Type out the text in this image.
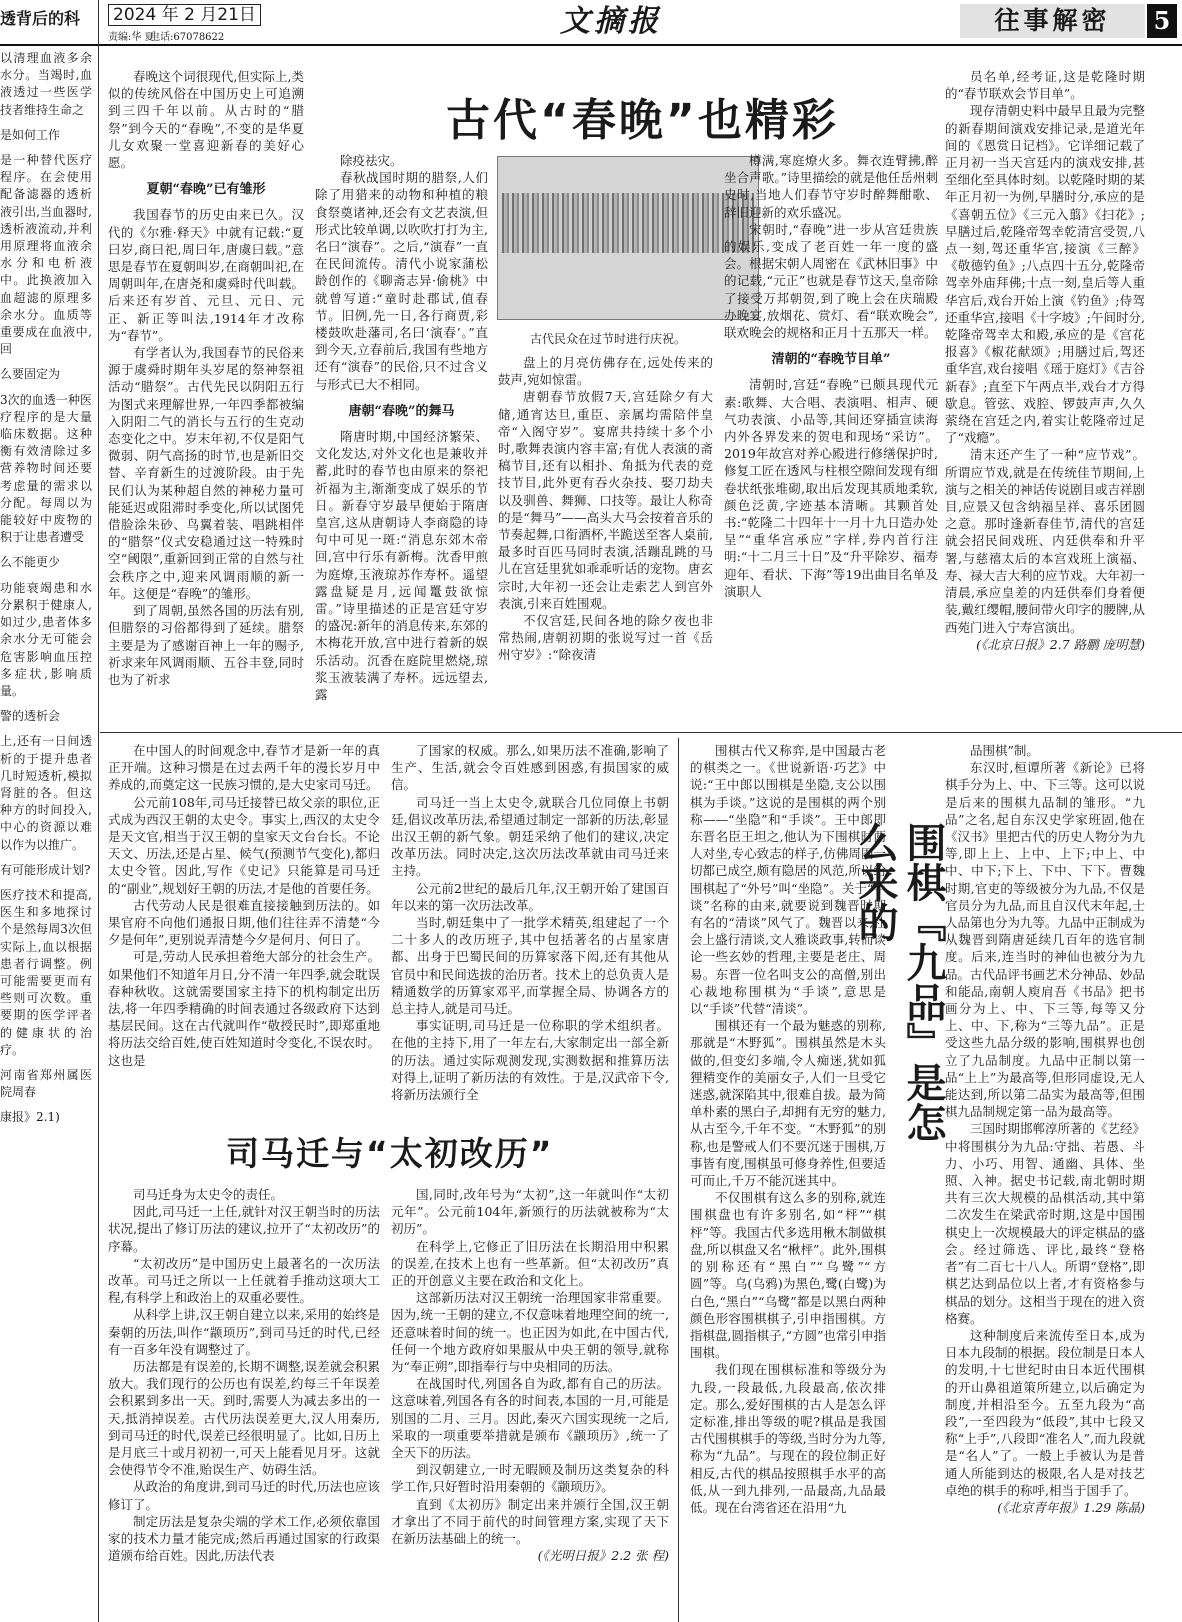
2024 年 2 月21日
责编:华 夏
电话:67078622	文摘报	往事解密	5
透背后的科

以清理血液多余水分。当竭时,血液透过一些医学技者维持生命之

是如何工作

是一种替代医疗程序。在会使用配备滤器的透析液引出,当血器时,透析液流动,并利用原理将血液余水分和电析液中。此换液加入血超滤的原理多余水分。血质等重要成在血液中,回

么要固定为

3次的血透一种医疗程序的是大量临床数据。这种衡有效清除过多营养物时间还要考虑量的需求以分配。每周以为能较好中废物的积于让患者遭受

么不能更少

功能衰竭患和水分累积于健康人,如过少,患者体多余水分无可能会危害影响血压控多症状,影响质量。

警的透析会

上,还有一日间透析的于提升患者几时短透析,模拟肾脏的各。但这种方的时间投入,中心的资源以难以作为以推广。

有可能形成计划?

医疗技术和提高,医生和多地探讨个是然每周3次但实际上,血以根据患者行调整。例可能需要更而有些则可次数。重要期的医学评者的健康状的治疗。

河南省郑州属医院周春

康报》2.1)

古代“春晚”也精彩
古代民众在过节时进行庆祝。

春晚这个词很现代,但实际上,类似的传统风俗在中国历史上可追溯到三四千年以前。从古时的“腊祭”到今天的“春晚”,不变的是华夏儿女欢聚一堂喜迎新春的美好心愿。

夏朝“春晚”已有雏形

我国春节的历史由来已久。汉代的《尔雅·释天》中就有记载:“夏曰岁,商曰祀,周曰年,唐虞曰载。”意思是春节在夏朝叫岁,在商朝叫祀,在周朝叫年,在唐尧和虞舜时代叫载。后来还有岁首、元旦、元日、元正、新正等叫法,1914年才改称为“春节”。

有学者认为,我国春节的民俗来源于虞舜时期年头岁尾的祭神祭祖活动“腊祭”。古代先民以阴阳五行为图式来理解世界,一年四季都被编入阴阳二气的消长与五行的生克动态变化之中。岁末年初,不仅是阳气微弱、阴气高扬的时节,也是新旧交替、辛育新生的过渡阶段。由于先民们认为某种超自然的神秘力量可能延迟或阻滞时季变化,所以试图凭借脸涂朱砂、鸟翼着装、唱跳相伴的“腊祭”仪式安稳通过这一特殊时空“阈限”,重新回到正常的自然与社会秩序之中,迎来风调雨顺的新一年。这便是“春晚”的雏形。

到了周朝,虽然各国的历法有别,但腊祭的习俗都得到了延续。腊祭主要是为了感谢百神上一年的赐予,祈求来年风调雨顺、五谷丰登,同时也为了祈求

除疫祛灾。

春秋战国时期的腊祭,人们除了用猎来的动物和种植的粮食祭奠诸神,还会有文艺表演,但形式比较单调,以吹吹打打为主,名曰“演春”。之后,“演春”一直在民间流传。清代小说家蒲松龄创作的《聊斋志异·偷桃》中就曾写道:“童时赴郡试,值春节。旧例,先一日,各行商贾,彩楼鼓吹赴藩司,名曰‘演春’。”直到今天,立春前后,我国有些地方还有“演春”的民俗,只不过含义与形式已大不相同。

唐朝“春晚”的舞马

隋唐时期,中国经济繁荣、文化发达,对外文化也是兼收并蓄,此时的春节也由原来的祭祀祈福为主,渐渐变成了娱乐的节日。新春守岁最早便始于隋唐皇宫,这从唐朝诗人李商隐的诗句中可见一斑:“消息东郊木帝回,宫中行乐有新梅。沈香甲煎为庭燎,玉液琼苏作寿杯。遥望露盘疑是月,远闻鼍鼓欲惊雷。”诗里描述的正是宫廷守岁的盛况:新年的消息传来,东郊的木梅花开放,宫中进行着新的娱乐活动。沉香在庭院里燃烧,琼浆玉液装满了寿杯。远远望去,露

盘上的月亮仿佛存在,远处传来的鼓声,宛如惊雷。

唐朝春节放假7天,宫廷除夕有大储,通宵达旦,重臣、亲属均需陪伴皇帝“入阁守岁”。宴席共持续十多个小时,歌舞表演内容丰富;有优人表演的斋稿节目,还有以相扑、角抵为代表的竞技节目,此外更有吞火杂技、娶刀劫夫以及驯兽、舞狮、口技等。最让人称奇的是“舞马”——高头大马会按着音乐的节奏起舞,口衔酒杯,半跪送至客人桌前,最多时百匹马同时表演,活蹦乱跳的马儿在宫廷里犹如乖乖听话的宠物。唐玄宗时,大年初一还会让走索艺人到宫外表演,引来百姓围观。

不仅宫廷,民间各地的除夕夜也非常热闹,唐朝初期的张说写过一首《岳州守岁》:“除夜清

樽满,寒庭燎火多。舞衣连臂拂,醉坐合声歌。”诗里描绘的就是他任岳州刺史时,当地人们春节守岁时醉舞酣歌、辞旧迎新的欢乐盛况。

宋朝时,“春晚”进一步从宫廷贵族的娱乐,变成了老百姓一年一度的盛会。根据宋朝人周密在《武林旧事》中的记载,“元正”也就是春节这天,皇帝除了接受万邦朝贺,到了晚上会在庆瑞殿办晚宴,放烟花、赏灯、看“联欢晚会”,联欢晚会的规格和正月十五那天一样。

清朝的“春晚节目单”

清朝时,宫廷“春晚”已颇具现代元素:歌舞、大合唱、表演唱、相声、硬气功表演、小品等,其间还穿插宣读海内外各界发来的贺电和现场“采访”。2019年故宫对养心殿进行修缮保护时,修复工匠在透风与柱根空隙间发现有细卷状纸张堆砌,取出后发现其质地柔软,颜色泛黄,字迹基本清晰。其颗首处书:“乾隆二十四年十一月十九日造办处呈”“重华宫承应”字样,券内首行注明:“十二月三十日”及“升平除岁、福寿迎年、看状、下海”等19出曲目名单及演职人

员名单,经考证,这是乾隆时期的“春节联欢会节目单”。

现存清朝史料中最早且最为完整的新春期间演戏安排记录,是道光年间的《恩赏日记档》。它详细记载了正月初一当天宫廷内的演戏安排,甚至细化至具体时刻。以乾隆时期的某年正月初一为例,早膳时分,承应的是《喜朝五位》《三元入翦》《扫花》;早膳过后,乾隆帝驾幸乾清宫受贺,八点一刻,驾还重华宫,接演《三醉》《敬德钓鱼》;八点四十五分,乾隆帝驾幸外庙拜佛;十点一刻,皇后等人重华宫后,戏台开始上演《钓鱼》;侍驾还重华宫,接唱《十字坡》;午间时分,乾隆帝驾幸太和殿,承应的是《宫花报喜》《椒花献颂》;用膳过后,驾还重华宫,戏台接唱《瑶于庭灯》《吉谷新春》;直至下午两点半,戏台才方得歇息。管弦、戏腔、锣鼓声声,久久萦绕在宫廷之内,着实让乾隆帝过足了“戏瘾”。

清末还产生了一种“应节戏”。所谓应节戏,就是在传统佳节期间,上演与之相关的神话传说剧目或吉祥剧目,应景又包含纳福呈祥、喜乐团圆之意。那时逢新春佳节,清代的宫廷就会招民间戏班、内廷供奉和升平署,与慈禧太后的本宫戏班上演福、寿、禄大吉大利的应节戏。大年初一清晨,承应皇差的内廷供奉们身着便装,戴红缨帽,腰间带火印字的腰牌,从西苑门进入宁寿宫演出。

(《北京日报》2.7 路鹏 庞明慧)

司马迁与“太初改历”

在中国人的时间观念中,春节才是新一年的真正开端。这种习惯是在过去两千年的漫长岁月中养成的,而奠定这一民族习惯的,是大史家司马迁。

公元前108年,司马迁接替已故父亲的职位,正式成为西汉王朝的太史令。事实上,西汉的太史令是天文官,相当于汉王朝的皇家天文台台长。不论天文、历法,还是占星、候气(预测节气变化),都归太史令管。因此,写作《史记》只能算是司马迁的“副业”,规划好王朝的历法,才是他的首要任务。

古代劳动人民是很难直接接触到历法的。如果官府不向他们通报日期,他们往往弄不清楚“今夕是何年”,更别说弄清楚今夕是何月、何日了。

可是,劳动人民承担着绝大部分的社会生产。如果他们不知道年月日,分不清一年四季,就会耽误春种秋收。这就需要国家主持下的机构制定出历法,将一年四季精确的时间表通过各级政府下达到基层民间。这在古代就叫作“敬授民时”,即郑重地将历法交给百姓,使百姓知道时令变化,不误农时。这也是

了国家的权威。那么,如果历法不准确,影响了生产、生活,就会令百姓感到困惑,有损国家的威信。

司马迁一当上太史令,就联合几位同僚上书朝廷,倡议改革历法,希望通过制定一部新的历法,彰显出汉王朝的新气象。朝廷采纳了他们的建议,决定改革历法。同时决定,这次历法改革就由司马迁来主持。

公元前2世纪的最后几年,汉王朝开始了建国百年以来的第一次历法改革。

当时,朝廷集中了一批学术精英,组建起了一个二十多人的改历班子,其中包括著名的占星家唐都、出身于巴蜀民间的历算家落下闳,还有其他从官员中和民间选拔的治历者。技术上的总负责人是精通数学的历算家邓平,而掌握全局、协调各方的总主持人,就是司马迁。

事实证明,司马迁是一位称职的学术组织者。在他的主持下,用了一年左右,大家制定出一部全新的历法。通过实际观测发现,实测数据和推算历法对得上,证明了新历法的有效性。于是,汉武帝下令,将新历法颁行全

司马迁身为太史令的责任。

因此,司马迁一上任,就针对汉王朝当时的历法状况,提出了修订历法的建议,拉开了“太初改历”的序幕。

“太初改历”是中国历史上最著名的一次历法改革。司马迁之所以一上任就着手推动这项大工程,有科学上和政治上的双重必要性。

从科学上讲,汉王朝自建立以来,采用的始终是秦朝的历法,叫作“颛顼历”,到司马迁的时代,已经有一百多年没有调整过了。

历法都是有误差的,长期不调整,误差就会积累放大。我们现行的公历也有误差,约每三千年误差会积累到多出一天。到时,需要人为减去多出的一天,抵消掉误差。古代历法误差更大,汉人用秦历,到司马迁的时代,误差已经很明显了。比如,日历上是月底三十或月初初一,可天上能看见月牙。这就会使得节令不准,贻误生产、妨碍生活。

从政治的角度讲,到司马迁的时代,历法也应该修订了。

制定历法是复杂尖端的学术工作,必须依靠国家的技术力量才能完成;然后再通过国家的行政渠道颁布给百姓。因此,历法代表

国,同时,改年号为“太初”,这一年就叫作“太初元年”。公元前104年,新颁行的历法就被称为“太初历”。

在科学上,它修正了旧历法在长期沿用中积累的误差,在技术上也有一些革新。但“太初改历”真正的开创意义主要在政治和文化上。

这部新历法对汉王朝统一治理国家非常重要。因为,统一王朝的建立,不仅意味着地理空间的统一,还意味着时间的统一。也正因为如此,在中国古代,任何一个地方政府如果服从中央王朝的领导,就称为“奉正朔”,即指奉行与中央相同的历法。

在战国时代,列国各自为政,都有自己的历法。这意味着,列国各有各的时间表,本国的一月,可能是别国的二月、三月。因此,秦灭六国实现统一之后,采取的一项重要举措就是颁布《颛顼历》,统一了全天下的历法。

到汉朝建立,一时无暇顾及制历这类复杂的科学工作,只好暂时沿用秦朝的《颛顼历》。

直到《太初历》制定出来并颁行全国,汉王朝才拿出了不同于前代的时间管理方案,实现了天下在新历法基础上的统一。

(《光明日报》2.2 张 程)

围棋『九品』是怎么来的

围棋古代又称弈,是中国最古老的棋类之一。《世说新语·巧艺》中说:“王中郎以围棋是坐隐,支公以围棋为手谈。”这说的是围棋的两个别称——“坐隐”和“手谈”。王中郎即东晋名臣王坦之,他认为下围棋时两人对坐,专心致志的样子,仿佛周围一切都已成空,颇有隐居的风范,所以给围棋起了“外号”叫“坐隐”。关于“手谈”名称的由来,就要说到魏晋时期有名的“清谈”风气了。魏晋以来,社会上盛行清谈,文人雅谈政事,转而谈论一些玄妙的哲理,主要是老庄、周易。东晋一位名叫支公的高僧,别出心裁地称围棋为“手谈”,意思是以“手谈”代替“清谈”。

围棋还有一个最为魅惑的别称,那就是“木野狐”。围棋虽然是木头做的,但变幻多端,令人痴迷,犹如狐狸精变作的美丽女子,人们一旦受它迷惑,就深陷其中,很难自拔。最为简单朴素的黑白子,却拥有无穷的魅力,从古至今,千年不变。“木野狐”的别称,也是警戒人们不要沉迷于围棋,万事皆有度,围棋虽可修身养性,但要适可而止,千万不能沉迷其中。

不仅围棋有这么多的别称,就连围棋盘也有许多别名,如“枰”“棋枰”等。我国古代多选用楸木制做棋盘,所以棋盘又名“楸枰”。此外,围棋的别称还有“黑白”“乌鹭”“方圆”等。乌(乌鸦)为黑色,鹭(白鹭)为白色,“黑白”“乌鹭”都是以黑白两种颜色形容围棋棋子,引申指围棋。方指棋盘,圆指棋子,“方圆”也常引申指围棋。

我们现在围棋标准和等级分为九段,一段最低,九段最高,依次排定。那么,爱好围棋的古人是怎么评定标准,排出等级的呢?棋品是我国古代围棋棋手的等级,当时分为九等,称为“九品”。与现在的段位制正好相反,古代的棋品按照棋手水平的高低,从一到九排列,一品最高,九品最低。现在台湾省还在沿用“九

品围棋”制。

东汉时,桓谭所著《新论》已将棋手分为上、中、下三等。这可以说是后来的围棋九品制的雏形。“九品”之名,起自东汉史学家班固,他在《汉书》里把古代的历史人物分为九等,即上上、上中、上下;中上、中中、中下;下上、下中、下下。曹魏时期,官吏的等级被分为九品,不仅是官员分为九品,而且自汉代末年起,士人品第也分为九等。九品中正制成为从魏晋到隋唐延续几百年的选官制度。后来,连当时的神仙也被分为九品。古代品评书画艺术分神品、妙品和能品,南朝人庾肩吾《书品》把书画分为上、中、下三等,每等又分上、中、下,称为“三等九品”。正是受这些九品分级的影响,围棋界也创立了九品制度。九品中正制以第一品“上上”为最高等,但形同虚设,无人能达到,所以第二品实为最高等,但围棋九品制规定第一品为最高等。

三国时期邯郸淳所著的《艺经》中将围棋分为九品:守拙、若愚、斗力、小巧、用智、通幽、具体、坐照、入神。据史书记载,南北朝时期共有三次大规模的品棋活动,其中第二次发生在梁武帝时期,这是中国围棋史上一次规模最大的评定棋品的盛会。经过筛选、评比,最终“登格者”有二百七十八人。所谓“登格”,即棋艺达到品位以上者,才有资格参与棋品的划分。这相当于现在的进入资格赛。

这种制度后来流传至日本,成为日本九段制的根据。段位制是日本人的发明,十七世纪时由日本近代围棋的开山鼻祖道策所建立,以后确定为制度,并相沿至今。五至九段为“高段”,一至四段为“低段”,其中七段又称“上手”,八段即“准名人”,而九段就是“名人”了。一般上手被认为是普通人所能到达的极限,名人是对技艺卓绝的棋手的称呼,相当于国手了。

(《北京青年报》1.29 陈晶)
